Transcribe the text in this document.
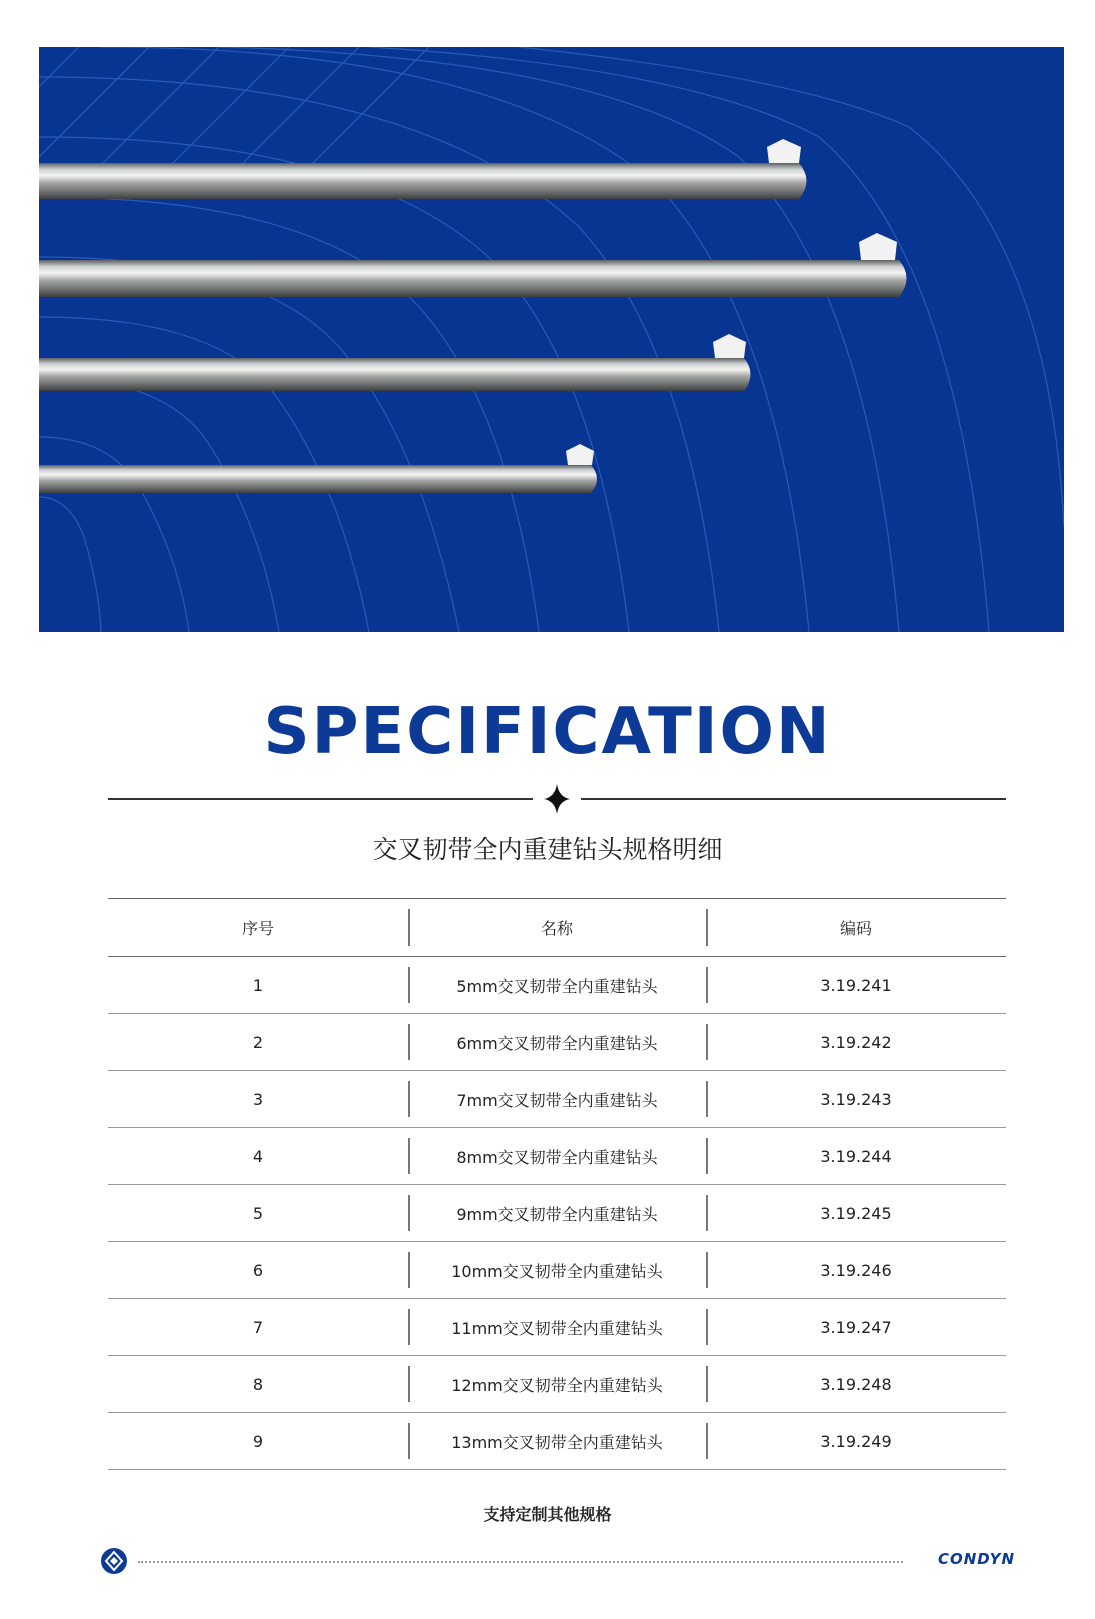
SPECIFICATION
交叉韧带全内重建钻头规格明细
序号	名称	编码
1	5mm交叉韧带全内重建钻头	3.19.241
2	6mm交叉韧带全内重建钻头	3.19.242
3	7mm交叉韧带全内重建钻头	3.19.243
4	8mm交叉韧带全内重建钻头	3.19.244
5	9mm交叉韧带全内重建钻头	3.19.245
6	10mm交叉韧带全内重建钻头	3.19.246
7	11mm交叉韧带全内重建钻头	3.19.247
8	12mm交叉韧带全内重建钻头	3.19.248
9	13mm交叉韧带全内重建钻头	3.19.249
支持定制其他规格
CONDYN
